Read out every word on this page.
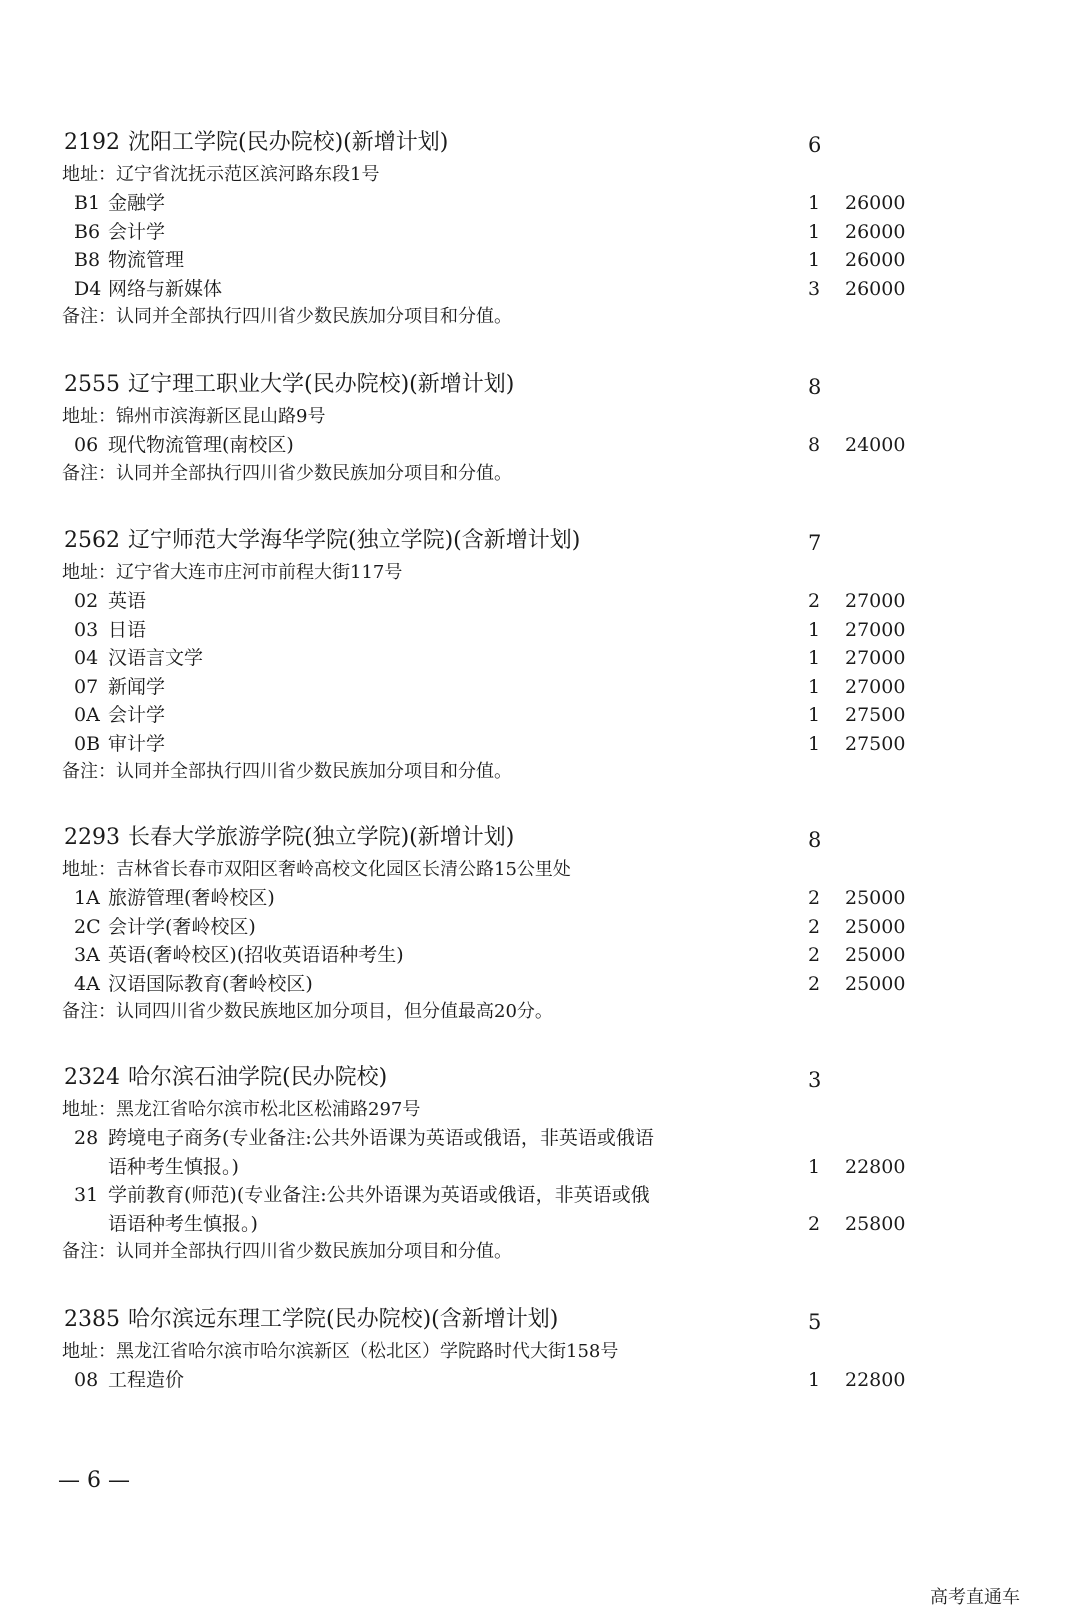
2192 沈阳工学院(民办院校)(新增计划)	6
地址：辽宁省沈抚示范区滨河路东段1号
B1 金融学	1 26000
B6 会计学	1 26000
B8 物流管理	1 26000
D4 网络与新媒体	3 26000
备注：认同并全部执行四川省少数民族加分项目和分值。
2555 辽宁理工职业大学(民办院校)(新增计划)	8
地址：锦州市滨海新区昆山路9号
06 现代物流管理(南校区)	8 24000
备注：认同并全部执行四川省少数民族加分项目和分值。
2562 辽宁师范大学海华学院(独立学院)(含新增计划)	7
地址：辽宁省大连市庄河市前程大街117号
02 英语	2 27000
03 日语	1 27000
04 汉语言文学	1 27000
07 新闻学	1 27000
0A 会计学	1 27500
0B 审计学	1 27500
备注：认同并全部执行四川省少数民族加分项目和分值。
2293 长春大学旅游学院(独立学院)(新增计划)	8
地址：吉林省长春市双阳区奢岭高校文化园区长清公路15公里处
1A 旅游管理(奢岭校区)	2 25000
2C 会计学(奢岭校区)	2 25000
3A 英语(奢岭校区)(招收英语语种考生)	2 25000
4A 汉语国际教育(奢岭校区)	2 25000
备注：认同四川省少数民族地区加分项目，但分值最高20分。
2324 哈尔滨石油学院(民办院校)	3
地址：黑龙江省哈尔滨市松北区松浦路297号
28 跨境电子商务(专业备注:公共外语课为英语或俄语，非英语或俄语
语种考生慎报。)	1 22800
31 学前教育(师范)(专业备注:公共外语课为英语或俄语，非英语或俄
语语种考生慎报。)	2 25800
备注：认同并全部执行四川省少数民族加分项目和分值。
2385 哈尔滨远东理工学院(民办院校)(含新增计划)	5
地址：黑龙江省哈尔滨市哈尔滨新区（松北区）学院路时代大街158号
08 工程造价	1 22800
— 6 —
高考直通车
